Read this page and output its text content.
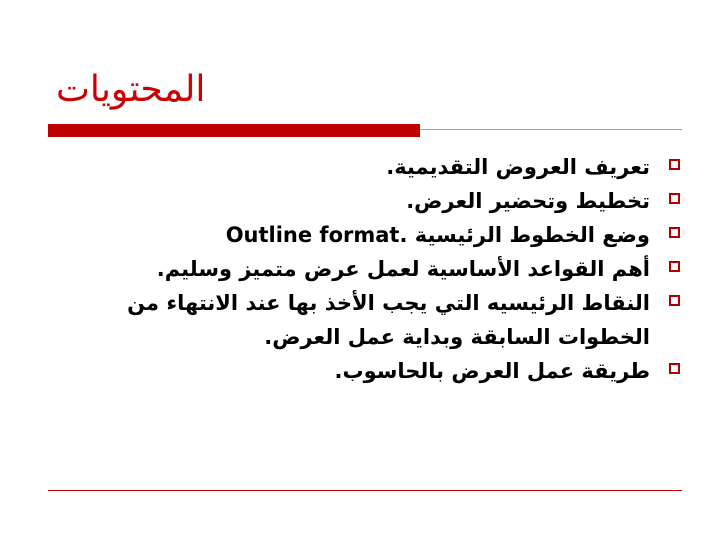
المحتويات
تعريف العروض التقديمية.
تخطيط وتحضير العرض.
وضع الخطوط الرئيسية .Outline format
أهم القواعد الأساسية لعمل عرض متميز وسليم.
النقاط الرئيسيه التي يجب الأخذ بها عند الانتهاء من الخطوات السابقة وبداية عمل العرض.
طريقة عمل العرض بالحاسوب.
